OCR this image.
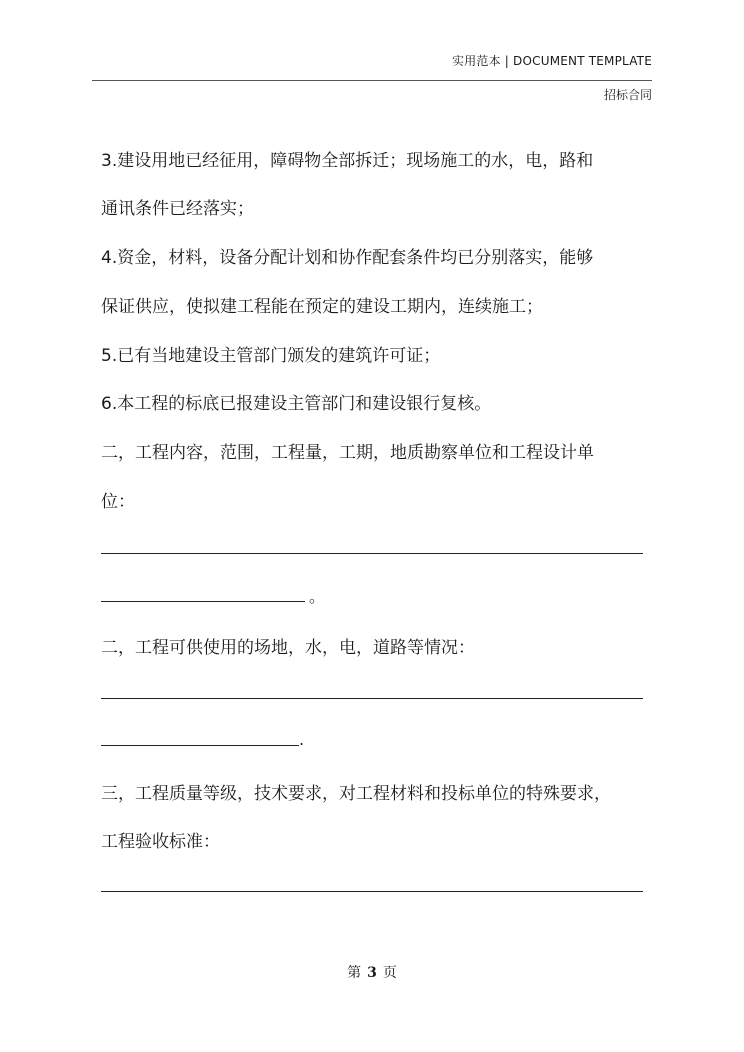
实用范本 | DOCUMENT TEMPLATE
招标合同
3.建设用地已经征用，障碍物全部拆迁；现场施工的水，电，路和
通讯条件已经落实；
4.资金，材料，设备分配计划和协作配套条件均已分别落实，能够
保证供应，使拟建工程能在预定的建设工期内，连续施工；
5.已有当地建设主管部门颁发的建筑许可证；
6.本工程的标底已报建设主管部门和建设银行复核。
二，工程内容，范围，工程量，工期，地质勘察单位和工程设计单
位：
。
二，工程可供使用的场地，水，电，道路等情况：
.
三，工程质量等级，技术要求，对工程材料和投标单位的特殊要求，
工程验收标准：
第 3 页
